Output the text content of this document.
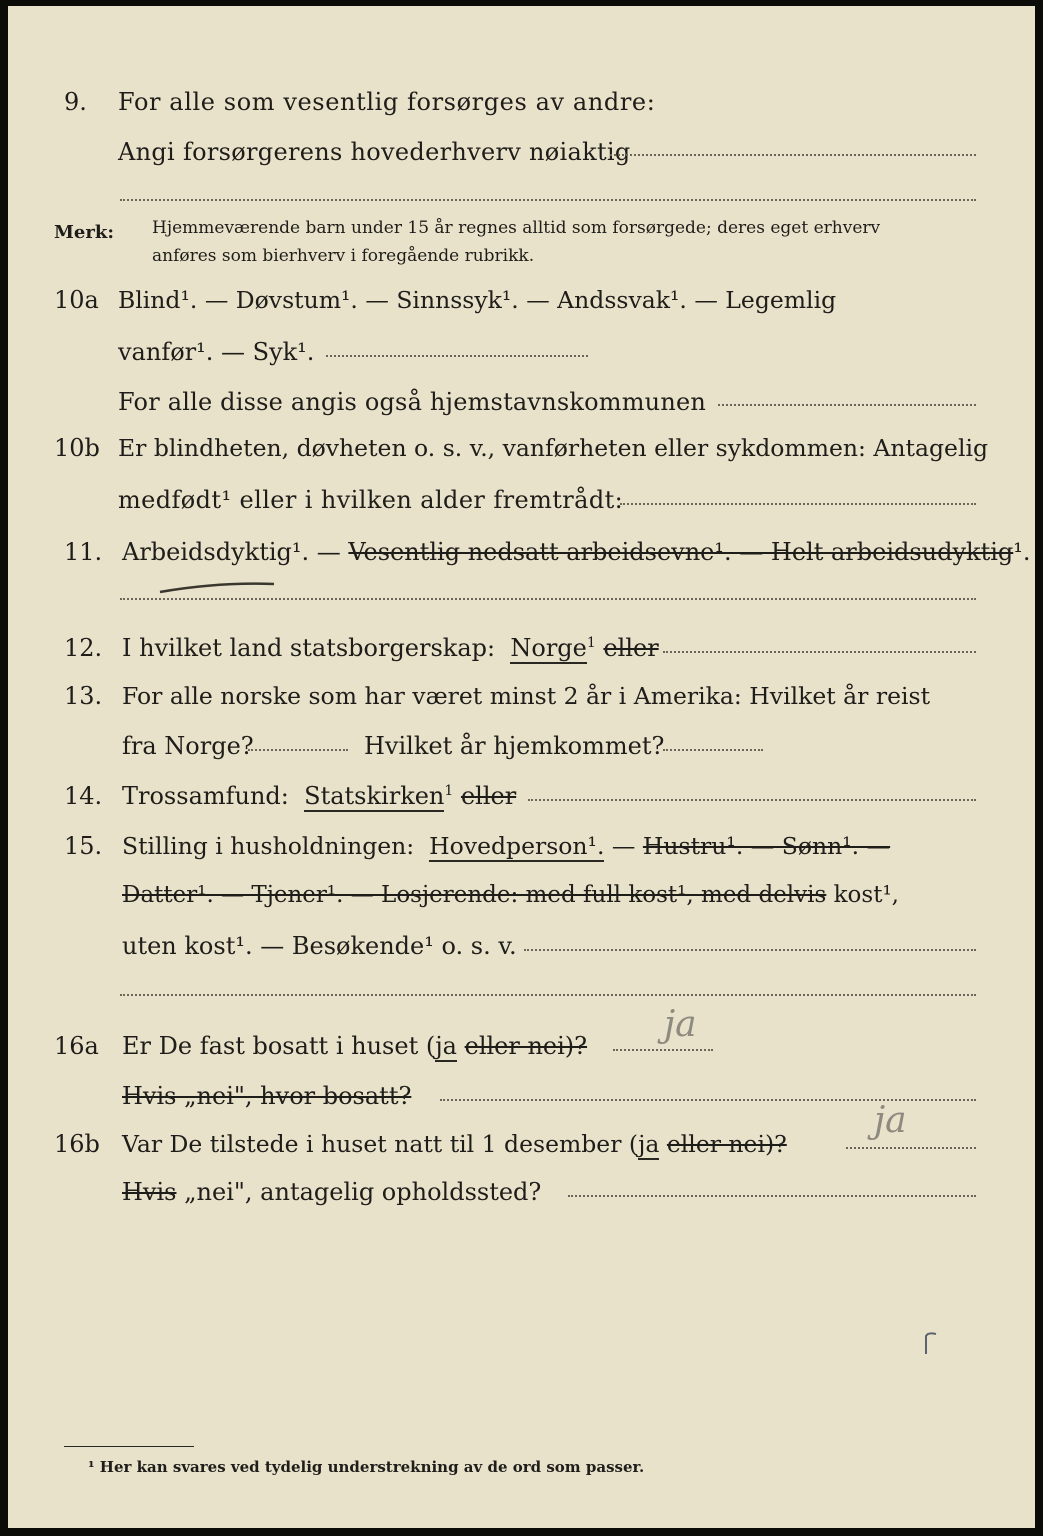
9. For alle som vesentlig forsørges av andre:
Angi forsørgerens hovederhverv nøiaktig
Merk: Hjemmeværende barn under 15 år regnes alltid som forsørgede; deres eget erhverv
anføres som bierhverv i foregående rubrikk.
10a Blind¹. — Døvstum¹. — Sinnssyk¹. — Andssvak¹. — Legemlig
vanfør¹. — Syk¹.
For alle disse angis også hjemstavnskommunen
10b Er blindheten, døvheten o. s. v., vanførheten eller sykdommen: Antagelig
medfødt¹ eller i hvilken alder fremtrådt:
11. Arbeidsdyktig¹. — Vesentlig nedsatt arbeidsevne¹. — Helt arbeidsudyktig¹.
12. I hvilket land statsborgerskap: Norge$^1$ eller
13. For alle norske som har været minst 2 år i Amerika: Hvilket år reist
fra Norge?	Hvilket år hjemkommet?
14. Trossamfund: Statskirken$^1$ eller
15. Stilling i husholdningen: Hovedperson¹. — Hustru¹. — Sønn¹. —
Datter¹. — Tjener¹. — Losjerende: med full kost¹, med delvis kost¹,
uten kost¹. — Besøkende¹ o. s. v.
16a Er De fast bosatt i huset (ja eller nei)?
ja
Hvis „nei", hvor bosatt?
16b Var De tilstede i huset natt til 1 desember (ja eller nei)?
ja
Hvis „nei", antagelig opholdssted?
¹ Her kan svares ved tydelig understrekning av de ord som passer.
